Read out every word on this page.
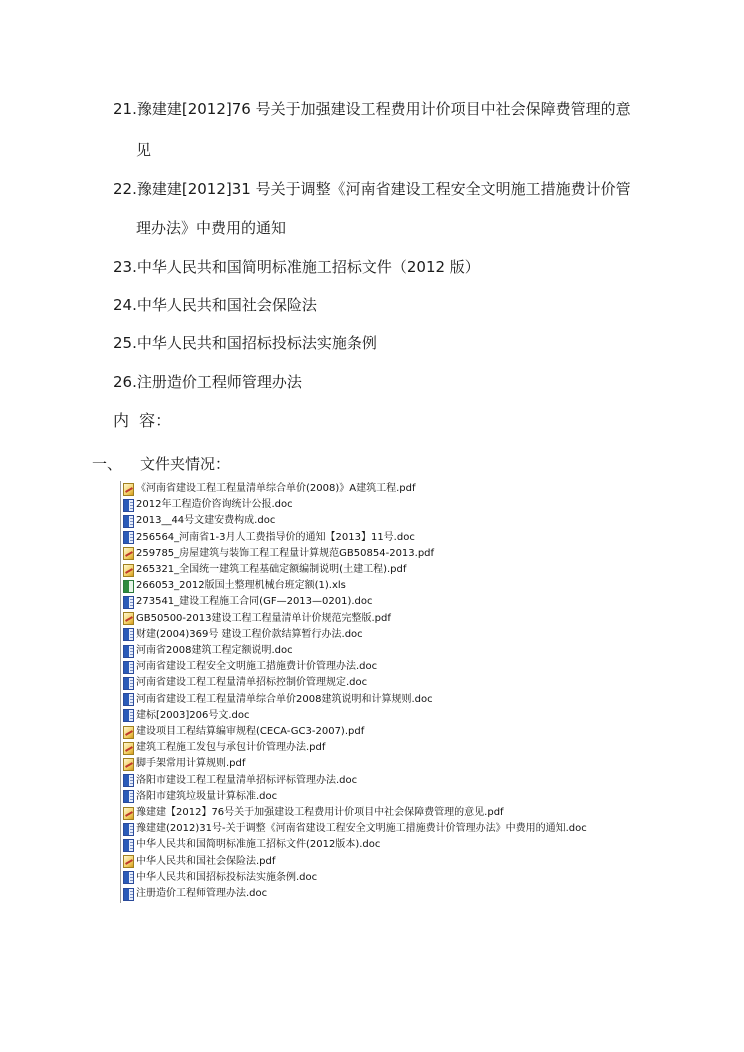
21.豫建建[2012]76 号关于加强建设工程费用计价项目中社会保障费管理的意
见
22.豫建建[2012]31 号关于调整《河南省建设工程安全文明施工措施费计价管
理办法》中费用的通知
23.中华人民共和国简明标准施工招标文件（2012 版）
24.中华人民共和国社会保险法
25.中华人民共和国招标投标法实施条例
26.注册造价工程师管理办法
内  容：
一、 文件夹情况：
《河南省建设工程工程量清单综合单价(2008)》A建筑工程.pdf
2012年工程造价咨询统计公报.doc
2013__44号文建安费构成.doc
256564_河南省1-3月人工费指导价的通知【2013】11号.doc
259785_房屋建筑与装饰工程工程量计算规范GB50854-2013.pdf
265321_全国统一建筑工程基础定额编制说明(土建工程).pdf
266053_2012版国土整理机械台班定额(1).xls
273541_建设工程施工合同(GF—2013—0201).doc
GB50500-2013建设工程工程量清单计价规范完整版.pdf
财建(2004)369号 建设工程价款结算暂行办法.doc
河南省2008建筑工程定额说明.doc
河南省建设工程安全文明施工措施费计价管理办法.doc
河南省建设工程工程量清单招标控制价管理规定.doc
河南省建设工程工程量清单综合单价2008建筑说明和计算规则.doc
建标[2003]206号文.doc
建设项目工程结算编审规程(CECA-GC3-2007).pdf
建筑工程施工发包与承包计价管理办法.pdf
脚手架常用计算规则.pdf
洛阳市建设工程工程量清单招标评标管理办法.doc
洛阳市建筑垃圾量计算标准.doc
豫建建【2012】76号关于加强建设工程费用计价项目中社会保障费管理的意见.pdf
豫建建(2012)31号-关于调整《河南省建设工程安全文明施工措施费计价管理办法》中费用的通知.doc
中华人民共和国简明标准施工招标文件(2012版本).doc
中华人民共和国社会保险法.pdf
中华人民共和国招标投标法实施条例.doc
注册造价工程师管理办法.doc
